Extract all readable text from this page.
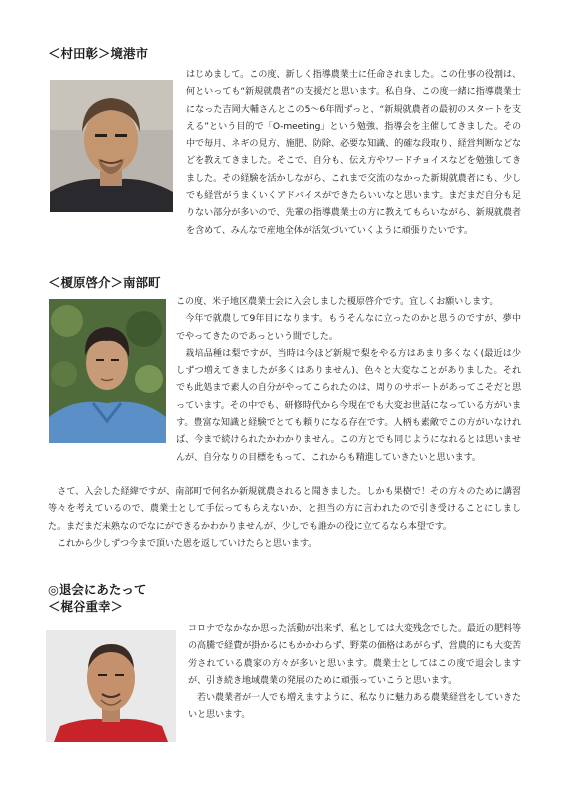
＜村田彰＞境港市
はじめまして。この度、新しく指導農業士に任命されました。この仕事の役割は、何といっても“新規就農者”の支援だと思います。私自身、この度一緒に指導農業士になった吉岡大輔さんとこの5～6年間ずっと、“新規就農者の最初のスタートを支える”という目的で「O-meeting」という勉強、指導会を主催してきました。その中で毎月、ネギの見方、施肥、防除、必要な知識、的確な段取り、経営判断などなどを教えてきました。そこで、自分も、伝え方やワードチョイスなどを勉強してきました。その経験を活かしながら、これまで交流のなかった新規就農者にも、少しでも経営がうまくいくアドバイスができたらいいなと思います。まだまだ自分も足りない部分が多いので、先輩の指導農業士の方に教えてもらいながら、新規就農者を含めて、みんなで産地全体が活気づいていくように頑張りたいです。
＜榎原啓介＞南部町
この度、米子地区農業士会に入会しました榎原啓介です。宜しくお願いします。
　今年で就農して9年目になります。もうそんなに立ったのかと思うのですが、夢中でやってきたのであっという間でした。
　栽培品種は梨ですが、当時は今ほど新規で梨をやる方はあまり多くなく(最近は少しずつ増えてきましたが多くはありません)、色々と大変なことがありました。それでも此処まで素人の自分がやってこられたのは、周りのサポートがあってこそだと思っています。その中でも、研修時代から今現在でも大変お世話になっている方がいます。豊富な知識と経験でとても頼りになる存在です。人柄も素敵でこの方がいなければ、今まで続けられたかわかりません。この方とでも同じようになれるとは思いませんが、自分なりの目標をもって、これからも精進していきたいと思います。
　さて、入会した経緯ですが、南部町で何名か新規就農されると聞きました。しかも果樹で！その方々のために講習等々を考えているので、農業士として手伝ってもらえないか、と担当の方に言われたので引き受けることにしました。まだまだ未熟なのでなにができるかわかりませんが、少しでも誰かの役に立てるなら本望です。
　これから少しずつ今まで頂いた恩を返していけたらと思います。
◎退会にあたって
＜梶谷重幸＞
コロナでなかなか思った活動が出来ず、私としては大変残念でした。最近の肥料等の高騰で経費が掛かるにもかかわらず、野菜の価格はあがらず、営農的にも大変苦労されている農家の方々が多いと思います。農業士としてはこの度で退会しますが、引き続き地域農業の発展のために頑張っていこうと思います。
　若い農業者が一人でも増えますように、私なりに魅力ある農業経営をしていきたいと思います。
